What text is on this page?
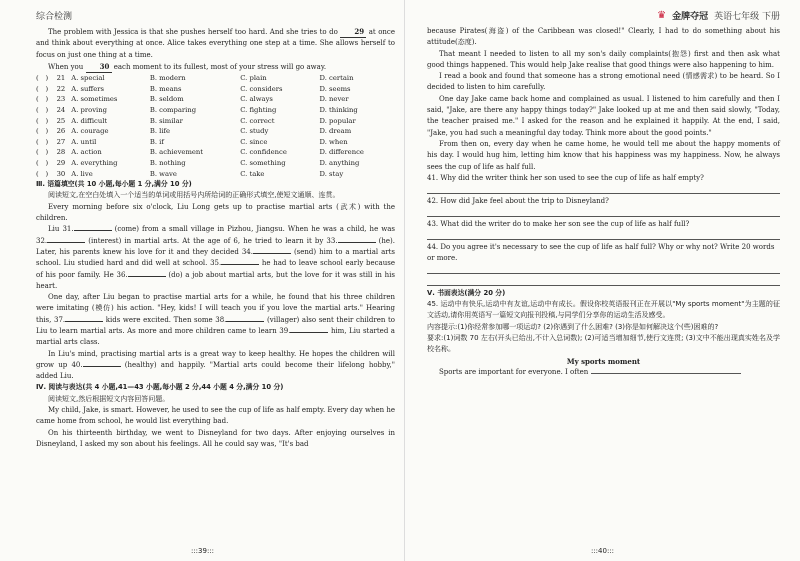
综合检测

The problem with Jessica is that she pushes herself too hard. And she tries to do 29 at once and think about everything at once. Alice takes everything one step at a time. She allows herself to focus on just one thing at a time.

When you 30 each moment to its fullest, most of your stress will go away.

(　)	21	A. special	B. modern	C. plain	D. certain
(　)	22	A. suffers	B. means	C. considers	D. seems
(　)	23	A. sometimes	B. seldom	C. always	D. never
(　)	24	A. proving	B. comparing	C. fighting	D. thinking
(　)	25	A. difficult	B. similar	C. correct	D. popular
(　)	26	A. courage	B. life	C. study	D. dream
(　)	27	A. until	B. if	C. since	D. when
(　)	28	A. action	B. achievement	C. confidence	D. difference
(　)	29	A. everything	B. nothing	C. something	D. anything
(　)	30	A. live	B. wave	C. take	D. stay
Ⅲ. 语篇填空(共 10 小题,每小题 1 分,满分 10 分)

阅读短文,在空白处填入一个适当的单词或用括号内所给词的正确形式填空,使短文通顺、连贯。

Every morning before six o'clock, Liu Long gets up to practise martial arts (武术) with the children.

Liu 31.	(come) from a small village in Pizhou, Jiangsu. When he was a child, he was 32.	(interest) in martial arts. At the age of 6, he tried to learn it by 33.	(he). Later, his parents knew his love for it and they decided 34.	(send) him to a martial arts school. Liu studied hard and did well at school. 35.	he had to leave school early because of his poor family. He 36.	(do) a job about martial arts, but the love for it was still in his heart.

One day, after Liu began to practise martial arts for a while, he found that his three children were imitating (模仿) his action. "Hey, kids! I will teach you if you love the martial arts." Hearing this, 37.	kids were excited. Then some 38.	(villager) also sent their children to Liu to learn martial arts. As more and more children came to learn 39.	him, Liu started a martial arts class.

In Liu's mind, practising martial arts is a great way to keep healthy. He hopes the children will grow up 40.	(healthy) and happily. "Martial arts could become their lifelong hobby," added Liu.

Ⅳ. 阅读与表达(共 4 小题,41—43 小题,每小题 2 分,44 小题 4 分,满分 10 分)

阅读短文,然后根据短文内容回答问题。

My child, Jake, is smart. However, he used to see the cup of life as half empty. Every day when he came home from school, he would list everything bad.

On his thirteenth birthday, we went to Disneyland for two days. After enjoying ourselves in Disneyland, I asked my son about his feelings. All he could say was, "It's bad

:::39:::
♛ 金牌夺冠 英语七年级 下册

because Pirates(海盗) of the Caribbean was closed!" Clearly, I had to do something about his attitude(态度).

That meant I needed to listen to all my son's daily complaints(抱怨) first and then ask what good things happened. This would help Jake realise that good things were also happening to him.

I read a book and found that someone has a strong emotional need (情感需求) to be heard. So I decided to listen to him carefully.

One day Jake came back home and complained as usual. I listened to him carefully and then I said, "Jake, are there any happy things today?" Jake looked up at me and then said slowly, "Today, the teacher praised me." I asked for the reason and he explained it happily. At the end, I said, "Jake, you had such a meaningful day today. Think more about the good points."

From then on, every day when he came home, he would tell me about the happy moments of his day. I would hug him, letting him know that his happiness was my happiness. Now, he always sees the cup of life as half full.

41. Why did the writer think her son used to see the cup of life as half empty?
42. How did Jake feel about the trip to Disneyland?
43. What did the writer do to make her son see the cup of life as half full?
44. Do you agree it's necessary to see the cup of life as half full? Why or why not? Write 20 words or more.
Ⅴ. 书面表达(满分 20 分)

45. 运动中有快乐,运动中有友谊,运动中有成长。假设你校英语报刊正在开展以"My sports moment"为主题的征文活动,请你用英语写一篇短文向报刊投稿,与同学们分享你的运动生活及感受。

内容提示:(1)你经常参加哪一项运动? (2)你遇到了什么困难? (3)你是如何解决这个(些)困难的?

要求:(1)词数 70 左右(开头已给出,不计入总词数); (2)可适当增加细节,使行文连贯; (3)文中不能出现真实姓名及学校名称。

My sports moment

Sports are important for everyone. I often

:::40:::
